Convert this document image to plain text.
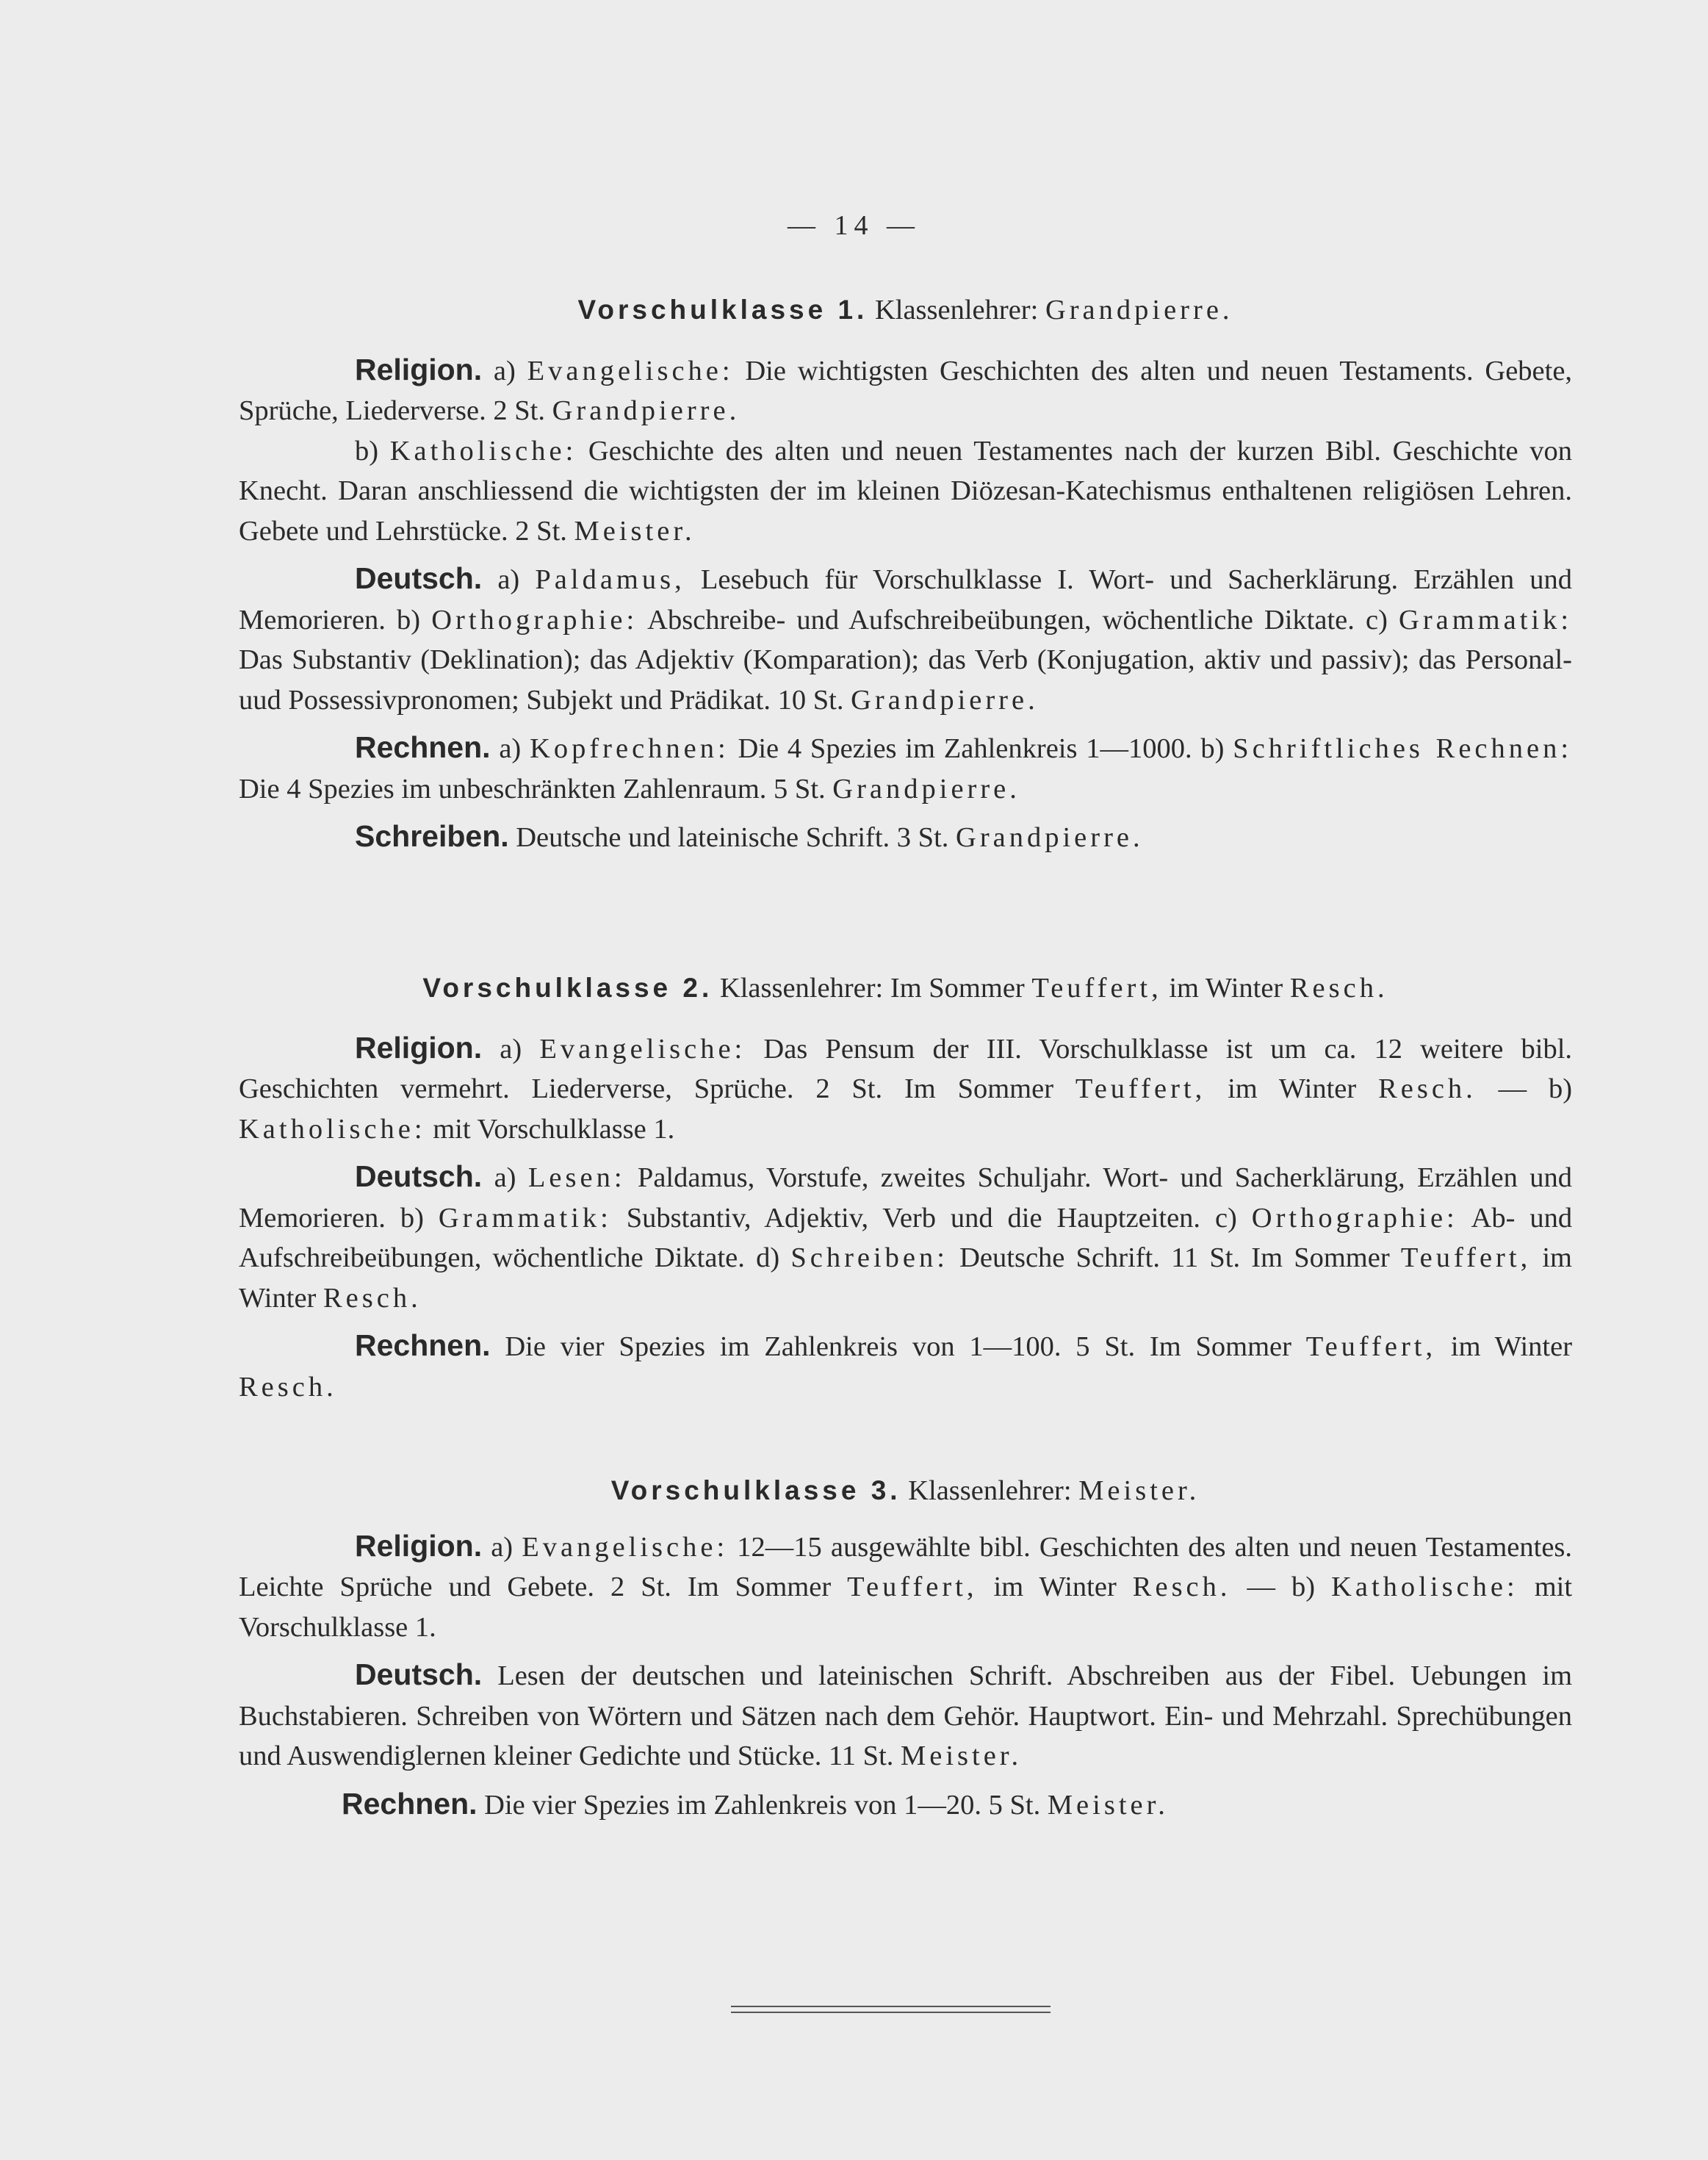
— 14 —

Vorschulklasse 1. Klassenlehrer: Grandpierre.

Religion. a) Evangelische: Die wichtigsten Geschichten des alten und neuen Testaments. Gebete, Sprüche, Liederverse. 2 St. Grandpierre.

b) Katholische: Geschichte des alten und neuen Testamentes nach der kurzen Bibl. Geschichte von Knecht. Daran anschliessend die wichtigsten der im kleinen Diözesan-Katechismus enthaltenen religiösen Lehren. Gebete und Lehrstücke. 2 St. Meister.

Deutsch. a) Paldamus, Lesebuch für Vorschulklasse I. Wort- und Sacherklärung. Erzählen und Memorieren. b) Orthographie: Abschreibe- und Aufschreibeübungen, wöchentliche Diktate. c) Grammatik: Das Substantiv (Deklination); das Adjektiv (Komparation); das Verb (Konjugation, aktiv und passiv); das Personal- uud Possessivpronomen; Subjekt und Prädikat. 10 St. Grandpierre.

Rechnen. a) Kopfrechnen: Die 4 Spezies im Zahlenkreis 1—1000. b) Schriftliches Rechnen: Die 4 Spezies im unbeschränkten Zahlenraum. 5 St. Grandpierre.

Schreiben. Deutsche und lateinische Schrift. 3 St. Grandpierre.

Vorschulklasse 2. Klassenlehrer: Im Sommer Teuffert, im Winter Resch.

Religion. a) Evangelische: Das Pensum der III. Vorschulklasse ist um ca. 12 weitere bibl. Geschichten vermehrt. Liederverse, Sprüche. 2 St. Im Sommer Teuffert, im Winter Resch. — b) Katholische: mit Vorschulklasse 1.

Deutsch. a) Lesen: Paldamus, Vorstufe, zweites Schuljahr. Wort- und Sacherklärung, Erzählen und Memorieren. b) Grammatik: Substantiv, Adjektiv, Verb und die Hauptzeiten. c) Orthographie: Ab- und Aufschreibeübungen, wöchentliche Diktate. d) Schreiben: Deutsche Schrift. 11 St. Im Sommer Teuffert, im Winter Resch.

Rechnen. Die vier Spezies im Zahlenkreis von 1—100. 5 St. Im Sommer Teuffert, im Winter Resch.

Vorschulklasse 3. Klassenlehrer: Meister.

Religion. a) Evangelische: 12—15 ausgewählte bibl. Geschichten des alten und neuen Testamentes. Leichte Sprüche und Gebete. 2 St. Im Sommer Teuffert, im Winter Resch. — b) Katholische: mit Vorschulklasse 1.

Deutsch. Lesen der deutschen und lateinischen Schrift. Abschreiben aus der Fibel. Uebungen im Buchstabieren. Schreiben von Wörtern und Sätzen nach dem Gehör. Hauptwort. Ein- und Mehrzahl. Sprechübungen und Auswendiglernen kleiner Gedichte und Stücke. 11 St. Meister.

Rechnen. Die vier Spezies im Zahlenkreis von 1—20. 5 St. Meister.
